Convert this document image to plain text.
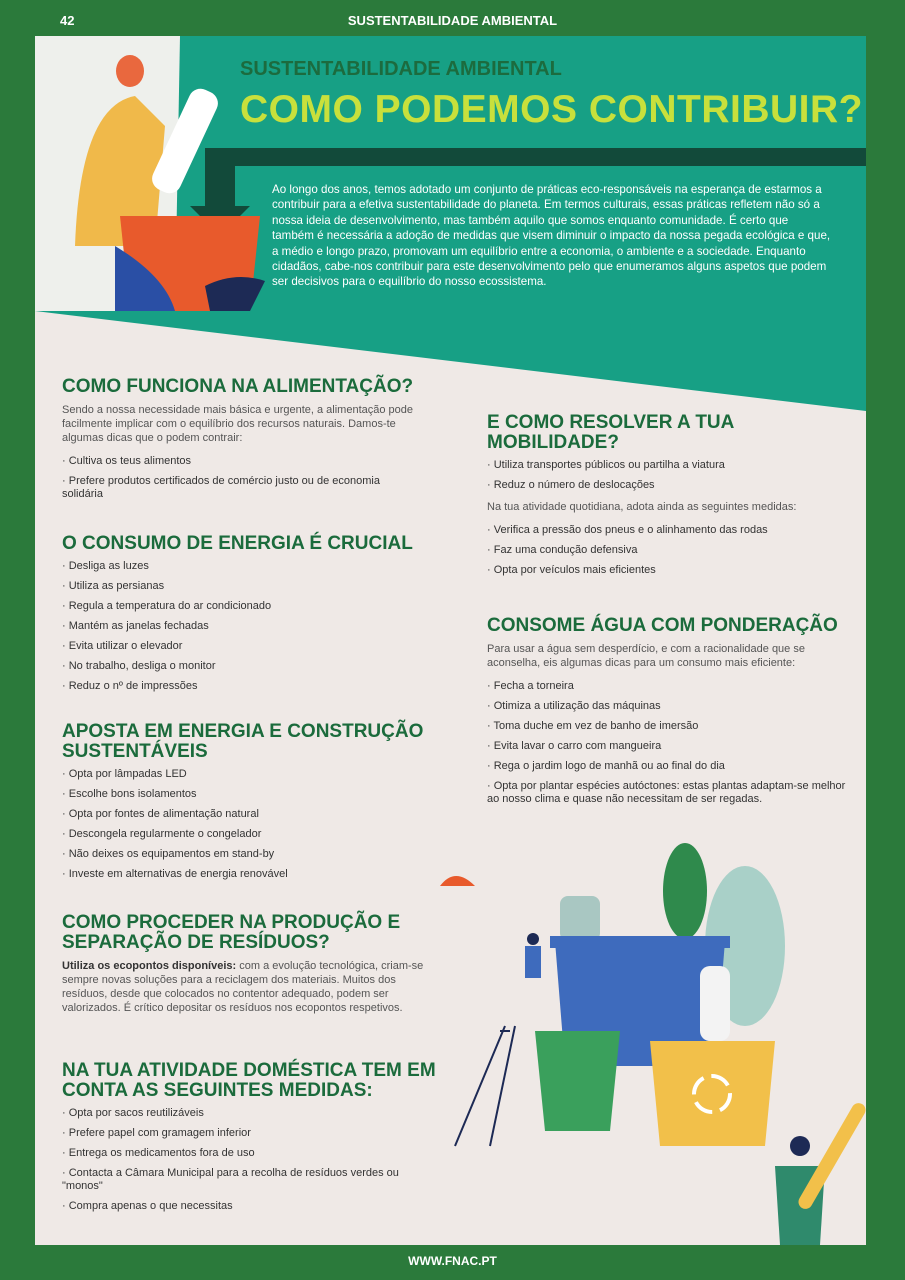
42	SUSTENTABILIDADE AMBIENTAL
SUSTENTABILIDADE AMBIENTAL
COMO PODEMOS CONTRIBUIR?
Ao longo dos anos, temos adotado um conjunto de práticas eco-responsáveis na esperança de estarmos a contribuir para a efetiva sustentabilidade do planeta. Em termos culturais, essas práticas refletem não só a nossa ideia de desenvolvimento, mas também aquilo que somos enquanto comunidade. É certo que também é necessária a adoção de medidas que visem diminuir o impacto da nossa pegada ecológica e que, a médio e longo prazo, promovam um equilíbrio entre a economia, o ambiente e a sociedade. Enquanto cidadãos, cabe-nos contribuir para este desenvolvimento pelo que enumeramos alguns aspetos que podem ser decisivos para o equilíbrio do nosso ecossistema.
COMO FUNCIONA NA ALIMENTAÇÃO?

Sendo a nossa necessidade mais básica e urgente, a alimentação pode facilmente implicar com o equilíbrio dos recursos naturais. Damos-te algumas dicas que o podem contrair:

· Cultiva os teus alimentos
· Prefere produtos certificados de comércio justo ou de economia solidária
O CONSUMO DE ENERGIA É CRUCIAL
· Desliga as luzes
· Utiliza as persianas
· Regula a temperatura do ar condicionado
· Mantém as janelas fechadas
· Evita utilizar o elevador
· No trabalho, desliga o monitor
· Reduz o nº de impressões
APOSTA EM ENERGIA E CONSTRUÇÃO SUSTENTÁVEIS
· Opta por lâmpadas LED
· Escolhe bons isolamentos
· Opta por fontes de alimentação natural
· Descongela regularmente o congelador
· Não deixes os equipamentos em stand-by
· Investe em alternativas de energia renovável
COMO PROCEDER NA PRODUÇÃO E SEPARAÇÃO DE RESÍDUOS?

Utiliza os ecopontos disponíveis: com a evolução tecnológica, criam-se sempre novas soluções para a reciclagem dos materiais. Muitos dos resíduos, desde que colocados no contentor adequado, podem ser valorizados. É crítico depositar os resíduos nos ecopontos respetivos.

NA TUA ATIVIDADE DOMÉSTICA TEM EM CONTA AS SEGUINTES MEDIDAS:
· Opta por sacos reutilizáveis
· Prefere papel com gramagem inferior
· Entrega os medicamentos fora de uso
· Contacta a Câmara Municipal para a recolha de resíduos verdes ou "monos"
· Compra apenas o que necessitas
E COMO RESOLVER A TUA MOBILIDADE?
· Utiliza transportes públicos ou partilha a viatura
· Reduz o número de deslocações

Na tua atividade quotidiana, adota ainda as seguintes medidas:

· Verifica a pressão dos pneus e o alinhamento das rodas
· Faz uma condução defensiva
· Opta por veículos mais eficientes
CONSOME ÁGUA COM PONDERAÇÃO

Para usar a água sem desperdício, e com a racionalidade que se aconselha, eis algumas dicas para um consumo mais eficiente:

· Fecha a torneira
· Otimiza a utilização das máquinas
· Toma duche em vez de banho de imersão
· Evita lavar o carro com mangueira
· Rega o jardim logo de manhã ou ao final do dia
· Opta por plantar espécies autóctones: estas plantas adaptam-se melhor ao nosso clima e quase não necessitam de ser regadas.
WWW.FNAC.PT
